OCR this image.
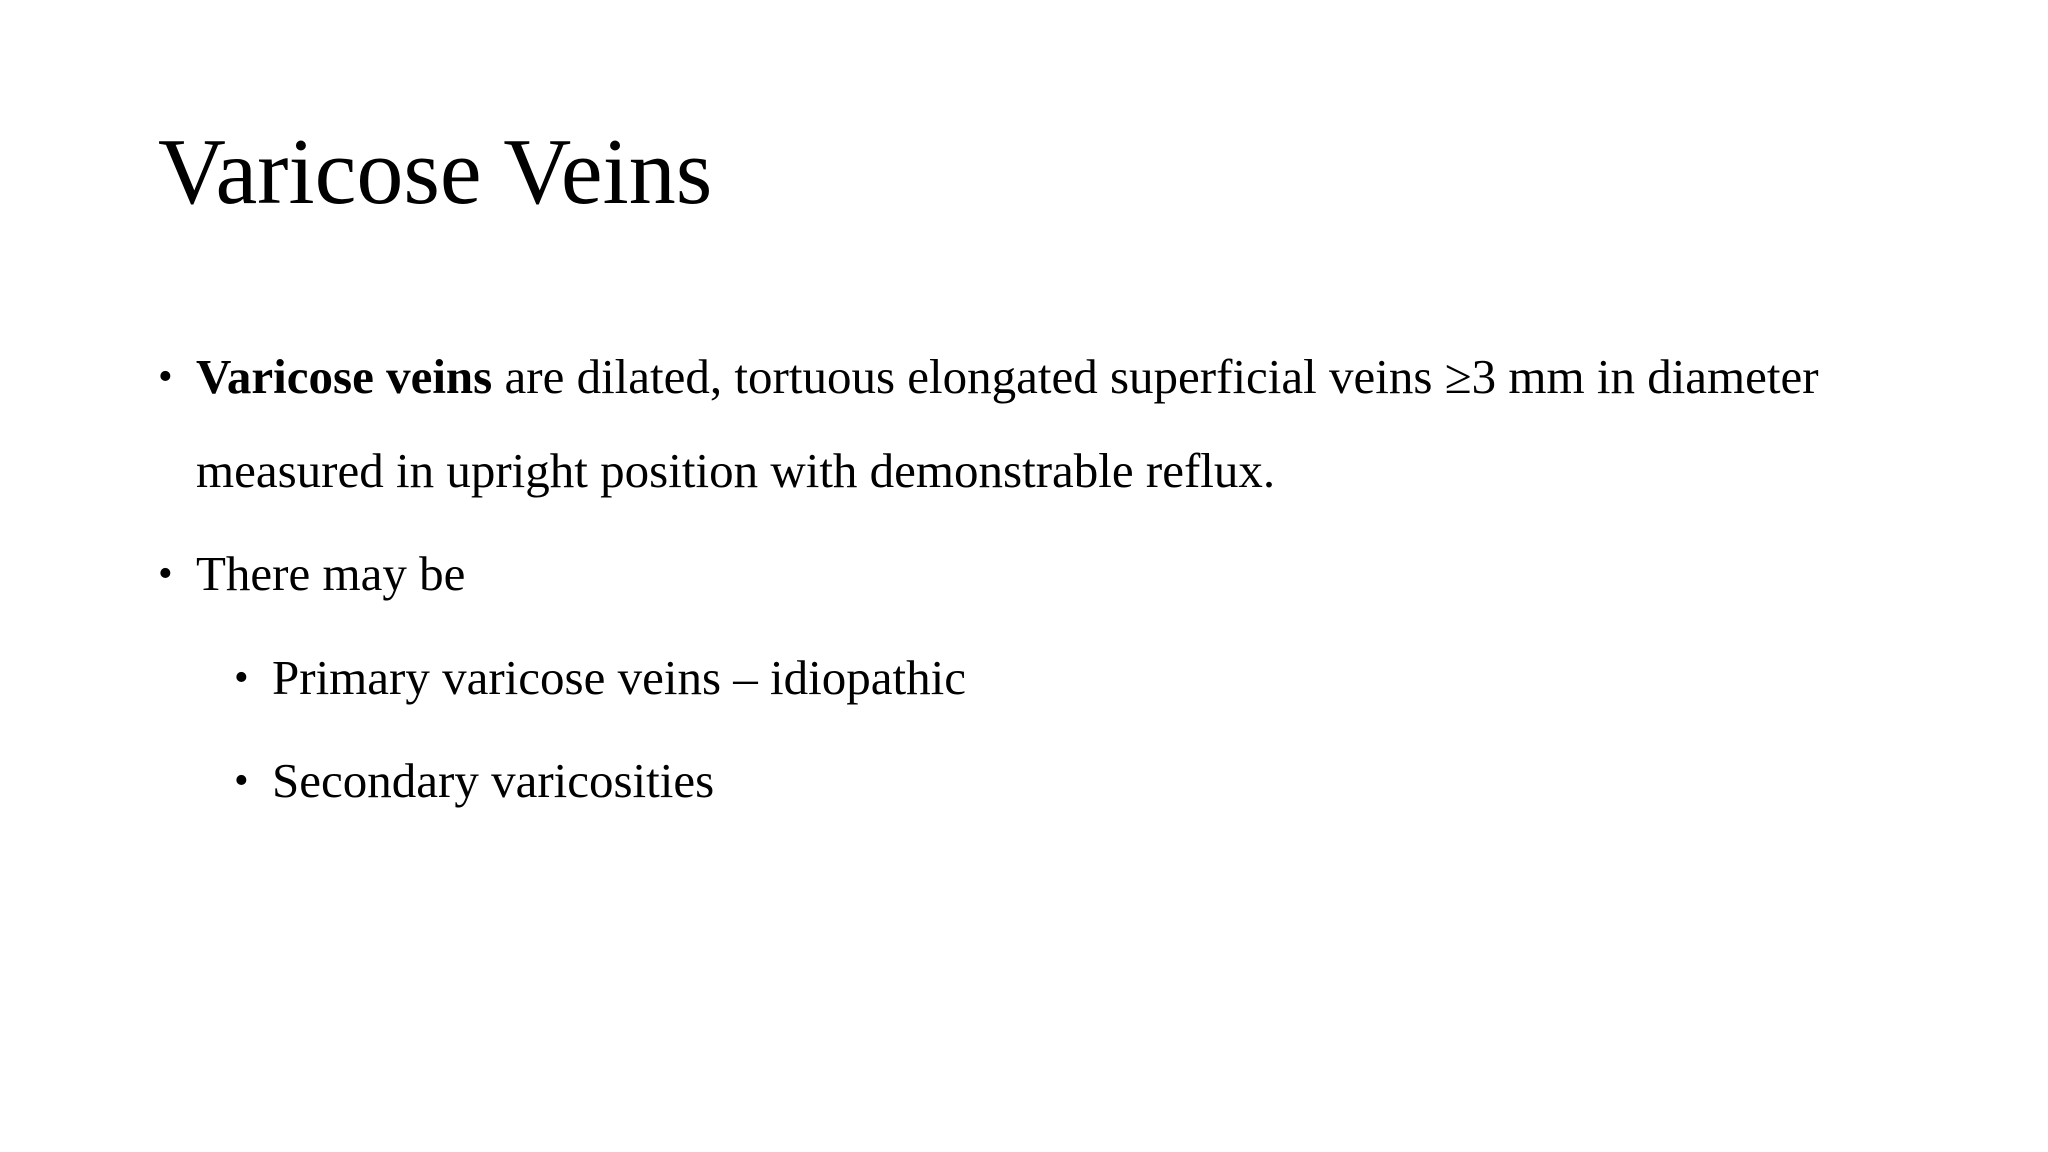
Varicose Veins
• Varicose veins are dilated, tortuous elongated superficial veins ≥3 mm in diameter
measured in upright position with demonstrable reflux.
• There may be
• Primary varicose veins – idiopathic
• Secondary varicosities
